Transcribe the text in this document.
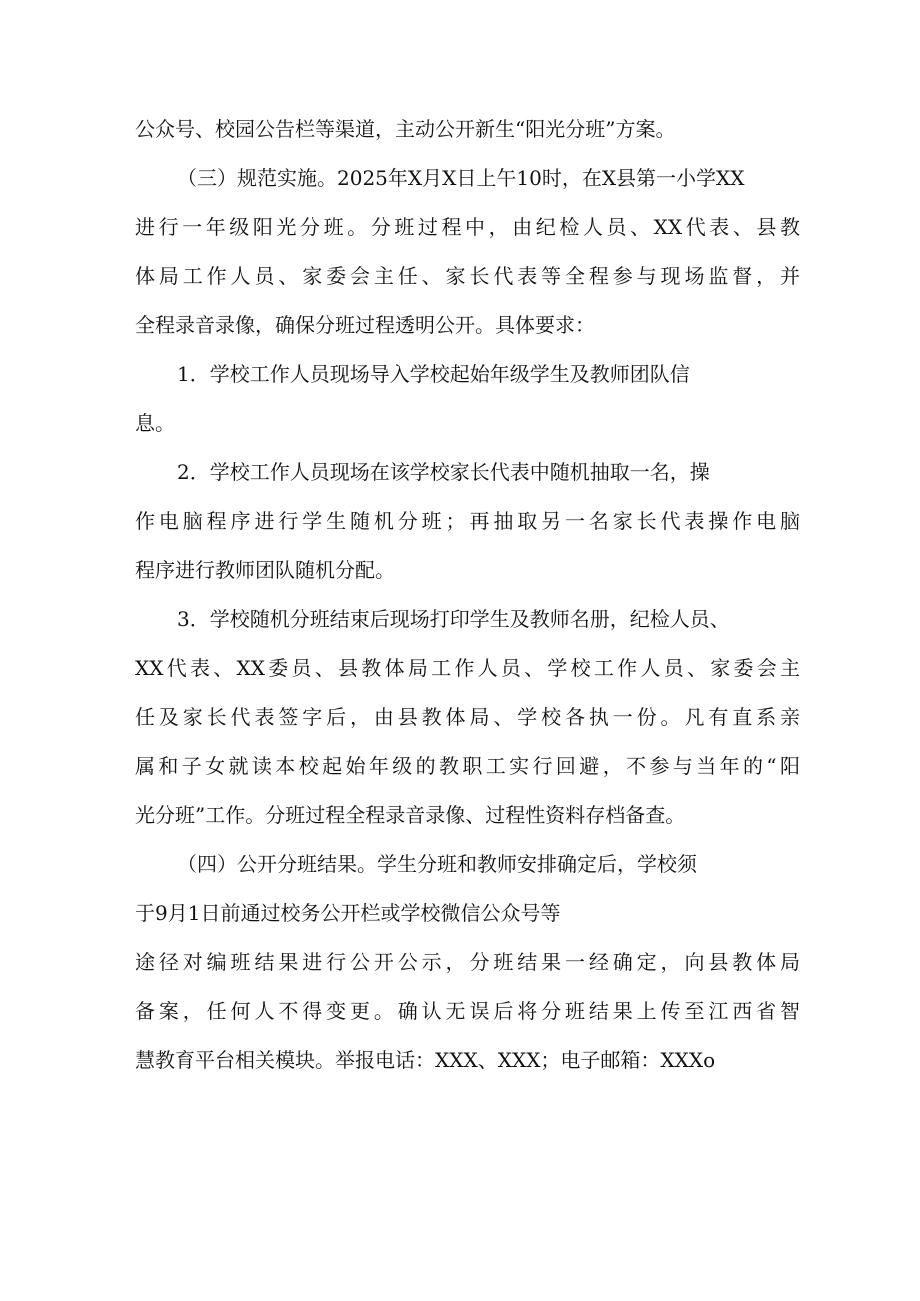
公众号、校园公告栏等渠道，主动公开新生“阳光分班”方案。
（三）规范实施。2025年X月X日上午10时，在X县第一小学XX
进行一年级阳光分班。分班过程中，由纪检人员、XX代表、县教
体局工作人员、家委会主任、家长代表等全程参与现场监督，并
全程录音录像，确保分班过程透明公开。具体要求：
1．学校工作人员现场导入学校起始年级学生及教师团队信
息。
2．学校工作人员现场在该学校家长代表中随机抽取一名，操
作电脑程序进行学生随机分班；再抽取另一名家长代表操作电脑
程序进行教师团队随机分配。
3．学校随机分班结束后现场打印学生及教师名册，纪检人员、
XX代表、XX委员、县教体局工作人员、学校工作人员、家委会主
任及家长代表签字后，由县教体局、学校各执一份。凡有直系亲
属和子女就读本校起始年级的教职工实行回避，不参与当年的“阳
光分班”工作。分班过程全程录音录像、过程性资料存档备查。
（四）公开分班结果。学生分班和教师安排确定后，学校须
于9月1日前通过校务公开栏或学校微信公众号等
途径对编班结果进行公开公示，分班结果一经确定，向县教体局
备案，任何人不得变更。确认无误后将分班结果上传至江西省智
慧教育平台相关模块。举报电话：XXX、XXX；电子邮箱：XXXo
